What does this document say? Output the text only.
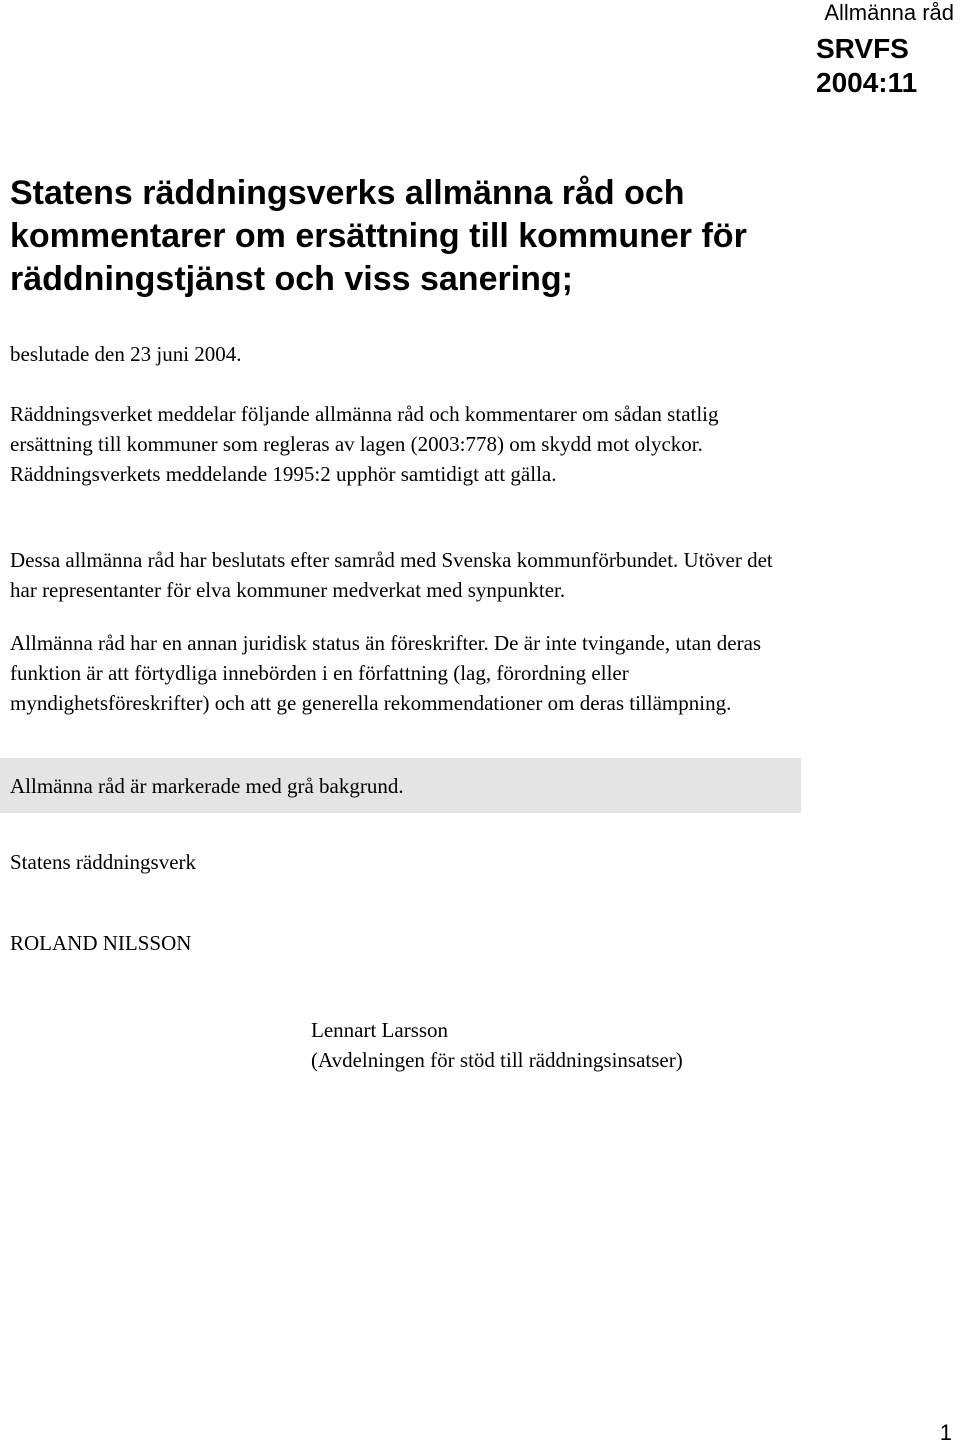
Allmänna råd
SRVFS
2004:11
Statens räddningsverks allmänna råd och kommentarer om ersättning till kommuner för räddningstjänst och viss sanering;

beslutade den 23 juni 2004.

Räddningsverket meddelar följande allmänna råd och kommentarer om sådan statlig ersättning till kommuner som regleras av lagen (2003:778) om skydd mot olyckor. Räddningsverkets meddelande 1995:2 upphör samtidigt att gälla.

Dessa allmänna råd har beslutats efter samråd med Svenska kommunförbundet. Utöver det har representanter för elva kommuner medverkat med synpunkter.

Allmänna råd har en annan juridisk status än föreskrifter. De är inte tvingande, utan deras funktion är att förtydliga innebörden i en författning (lag, förordning eller myndighetsföreskrifter) och att ge generella rekommendationer om deras tillämpning.

Allmänna råd är markerade med grå bakgrund.

Statens räddningsverk

ROLAND NILSSON

Lennart Larsson
(Avdelningen för stöd till räddningsinsatser)
1
